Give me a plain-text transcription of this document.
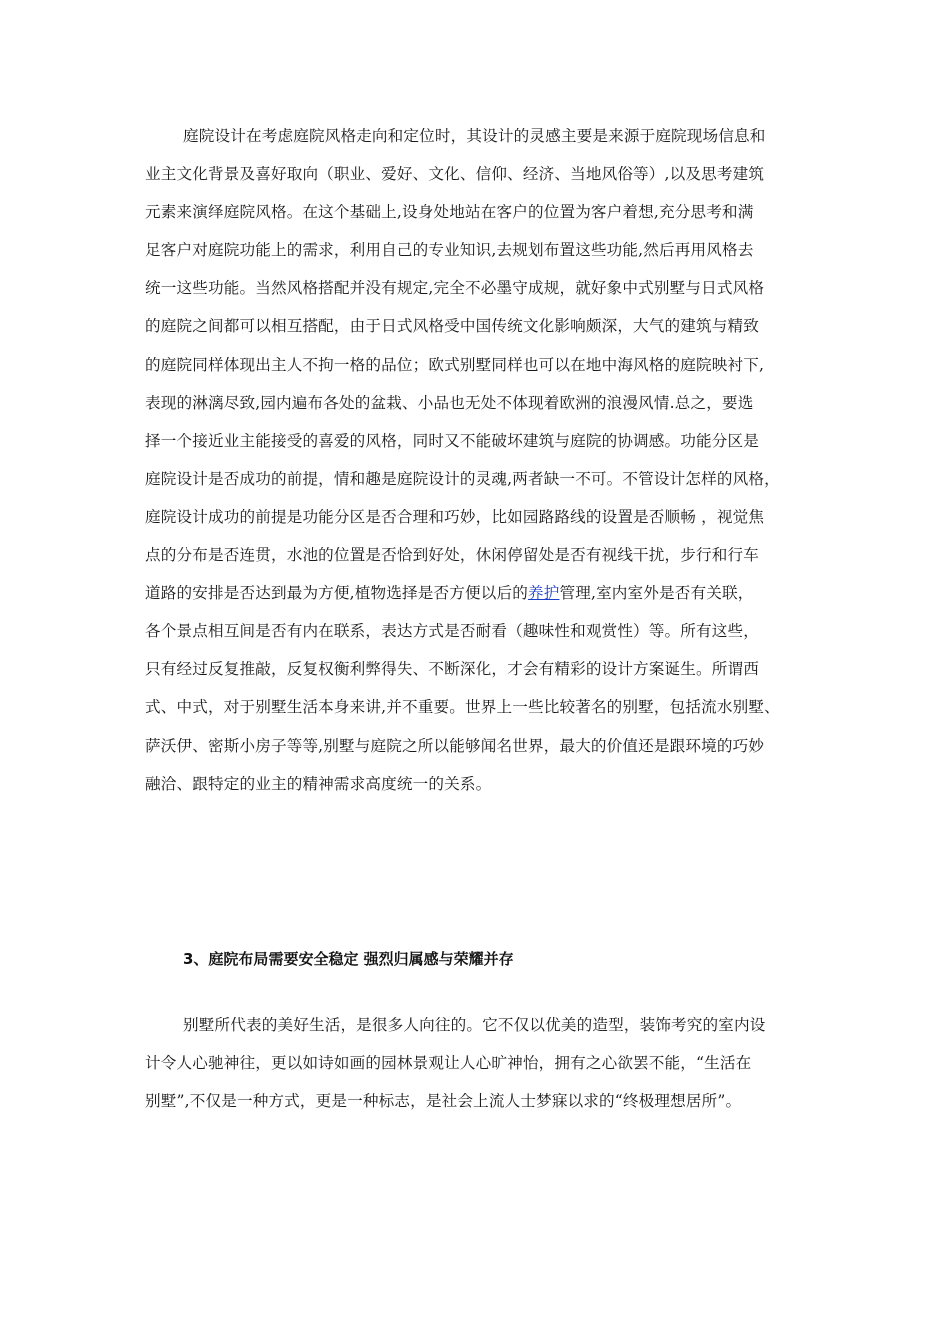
庭院设计在考虑庭院风格走向和定位时，其设计的灵感主要是来源于庭院现场信息和
业主文化背景及喜好取向（职业、爱好、文化、信仰、经济、当地风俗等）,以及思考建筑
元素来演绎庭院风格。在这个基础上,设身处地站在客户的位置为客户着想,充分思考和满
足客户对庭院功能上的需求，利用自己的专业知识,去规划布置这些功能,然后再用风格去
统一这些功能。当然风格搭配并没有规定,完全不必墨守成规，就好象中式别墅与日式风格
的庭院之间都可以相互搭配，由于日式风格受中国传统文化影响颇深，大气的建筑与精致
的庭院同样体现出主人不拘一格的品位；欧式别墅同样也可以在地中海风格的庭院映衬下,
表现的淋漓尽致,园内遍布各处的盆栽、小品也无处不体现着欧洲的浪漫风情.总之，要选
择一个接近业主能接受的喜爱的风格，同时又不能破坏建筑与庭院的协调感。功能分区是
庭院设计是否成功的前提，情和趣是庭院设计的灵魂,两者缺一不可。不管设计怎样的风格，
庭院设计成功的前提是功能分区是否合理和巧妙，比如园路路线的设置是否顺畅 ，视觉焦
点的分布是否连贯，水池的位置是否恰到好处，休闲停留处是否有视线干扰，步行和行车
道路的安排是否达到最为方便,植物选择是否方便以后的养护管理,室内室外是否有关联，
各个景点相互间是否有内在联系，表达方式是否耐看（趣味性和观赏性）等。所有这些，
只有经过反复推敲，反复权衡利弊得失、不断深化，才会有精彩的设计方案诞生。所谓西
式、中式，对于别墅生活本身来讲,并不重要。世界上一些比较著名的别墅，包括流水别墅、
萨沃伊、密斯小房子等等,别墅与庭院之所以能够闻名世界，最大的价值还是跟环境的巧妙
融洽、跟特定的业主的精神需求高度统一的关系。
3、庭院布局需要安全稳定 强烈归属感与荣耀并存
别墅所代表的美好生活，是很多人向往的。它不仅以优美的造型，装饰考究的室内设
计令人心驰神往，更以如诗如画的园林景观让人心旷神怡，拥有之心欲罢不能，“生活在
别墅”,不仅是一种方式，更是一种标志，是社会上流人士梦寐以求的“终极理想居所”。
